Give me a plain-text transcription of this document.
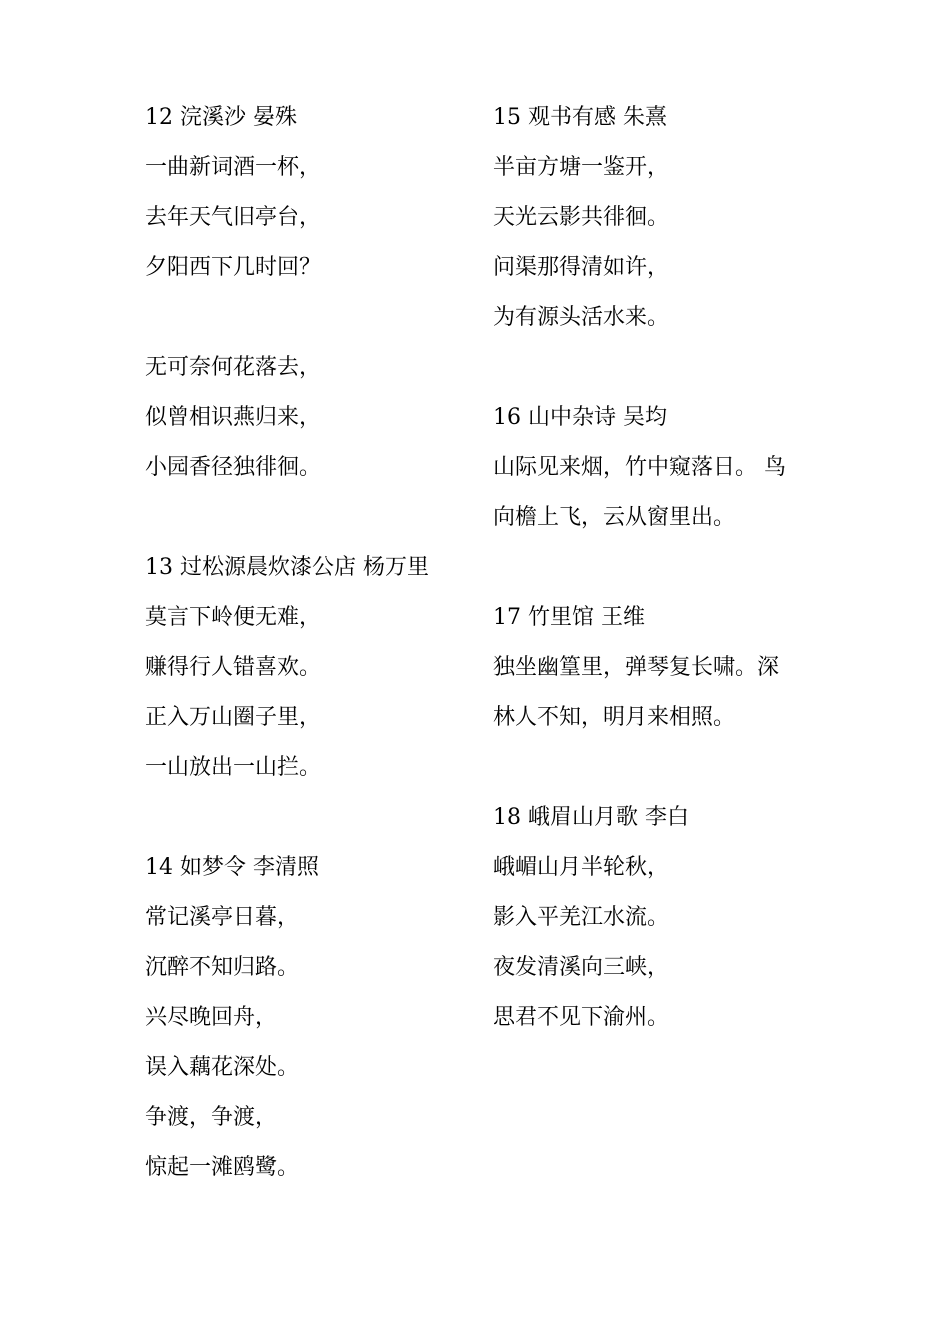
12 浣溪沙 晏殊
一曲新词酒一杯，
去年天气旧亭台，
夕阳西下几时回？
无可奈何花落去，
似曾相识燕归来，
小园香径独徘徊。
13 过松源晨炊漆公店 杨万里
莫言下岭便无难，
赚得行人错喜欢。
正入万山圈子里，
一山放出一山拦。
14 如梦令 李清照
常记溪亭日暮，
沉醉不知归路。
兴尽晚回舟，
误入藕花深处。
争渡，争渡，
惊起一滩鸥鹭。
15 观书有感 朱熹
半亩方塘一鉴开，
天光云影共徘徊。
问渠那得清如许，
为有源头活水来。
16 山中杂诗 吴均
山际见来烟，竹中窥落日。 鸟
向檐上飞，云从窗里出。
17 竹里馆 王维
独坐幽篁里，弹琴复长啸。深
林人不知，明月来相照。
18 峨眉山月歌 李白
峨嵋山月半轮秋，
影入平羌江水流。
夜发清溪向三峡，
思君不见下渝州。
